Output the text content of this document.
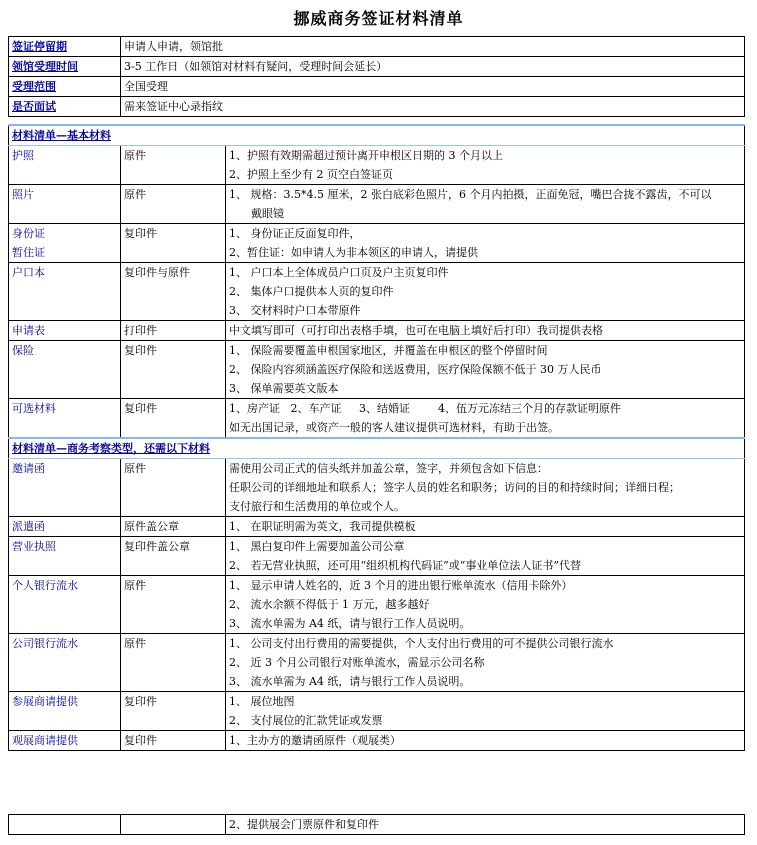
挪威商务签证材料清单
签证停留期	申请人申请，领馆批
领馆受理时间	3-5 工作日（如领馆对材料有疑问，受理时间会延长）
受理范围	全国受理
是否面试	需来签证中心录指纹
材料清单—基本材料		
护照	原件	1、护照有效期需超过预计离开申根区日期的 3 个月以上
2、护照上至少有 2 页空白签证页

照片	原件	1、 规格：3.5*4.5 厘米，2 张白底彩色照片，6 个月内拍摄，正面免冠，嘴巴合拢不露齿，不可以
戴眼镜

身份证
暂住证	复印件	1、 身份证正反面复印件，
2、暂住证：如申请人为非本领区的申请人，请提供

户口本	复印件与原件	1、 户口本上全体成员户口页及户主页复印件
2、 集体户口提供本人页的复印件
3、 交材料时户口本带原件

申请表	打印件	中文填写即可（可打印出表格手填，也可在电脑上填好后打印）我司提供表格

保险	复印件	1、 保险需要覆盖申根国家地区，并覆盖在申根区的整个停留时间
2、 保险内容须涵盖医疗保险和送返费用，医疗保险保额不低于 30 万人民币
3、 保单需要英文版本

可选材料	复印件	1、房产证   2、车产证     3、结婚证        4、伍万元冻结三个月的存款证明原件
如无出国记录，或资产一般的客人建议提供可选材料，有助于出签。

材料清单—商务考察类型，还需以下材料		
邀请函	原件	需使用公司正式的信头纸并加盖公章，签字，并须包含如下信息：
任职公司的详细地址和联系人；签字人员的姓名和职务；访问的目的和持续时间；详细日程；
支付旅行和生活费用的单位或个人。

派遣函	原件盖公章	1、 在职证明需为英文，我司提供模板

营业执照	复印件盖公章	1、 黑白复印件上需要加盖公司公章
2、 若无营业执照，还可用“组织机构代码证”或“事业单位法人证书”代替

个人银行流水	原件	1、 显示申请人姓名的，近 3 个月的进出银行账单流水（信用卡除外）
2、 流水余额不得低于 1 万元，越多越好
3、 流水单需为 A4 纸，请与银行工作人员说明。

公司银行流水	原件	1、 公司支付出行费用的需要提供，个人支付出行费用的可不提供公司银行流水
2、 近 3 个月公司银行对账单流水，需显示公司名称
3、 流水单需为 A4 纸，请与银行工作人员说明。

参展商请提供	复印件	1、 展位地图
2、 支付展位的汇款凭证或发票

观展商请提供	复印件	1、主办方的邀请函原件（观展类）

2、提供展会门票原件和复印件
